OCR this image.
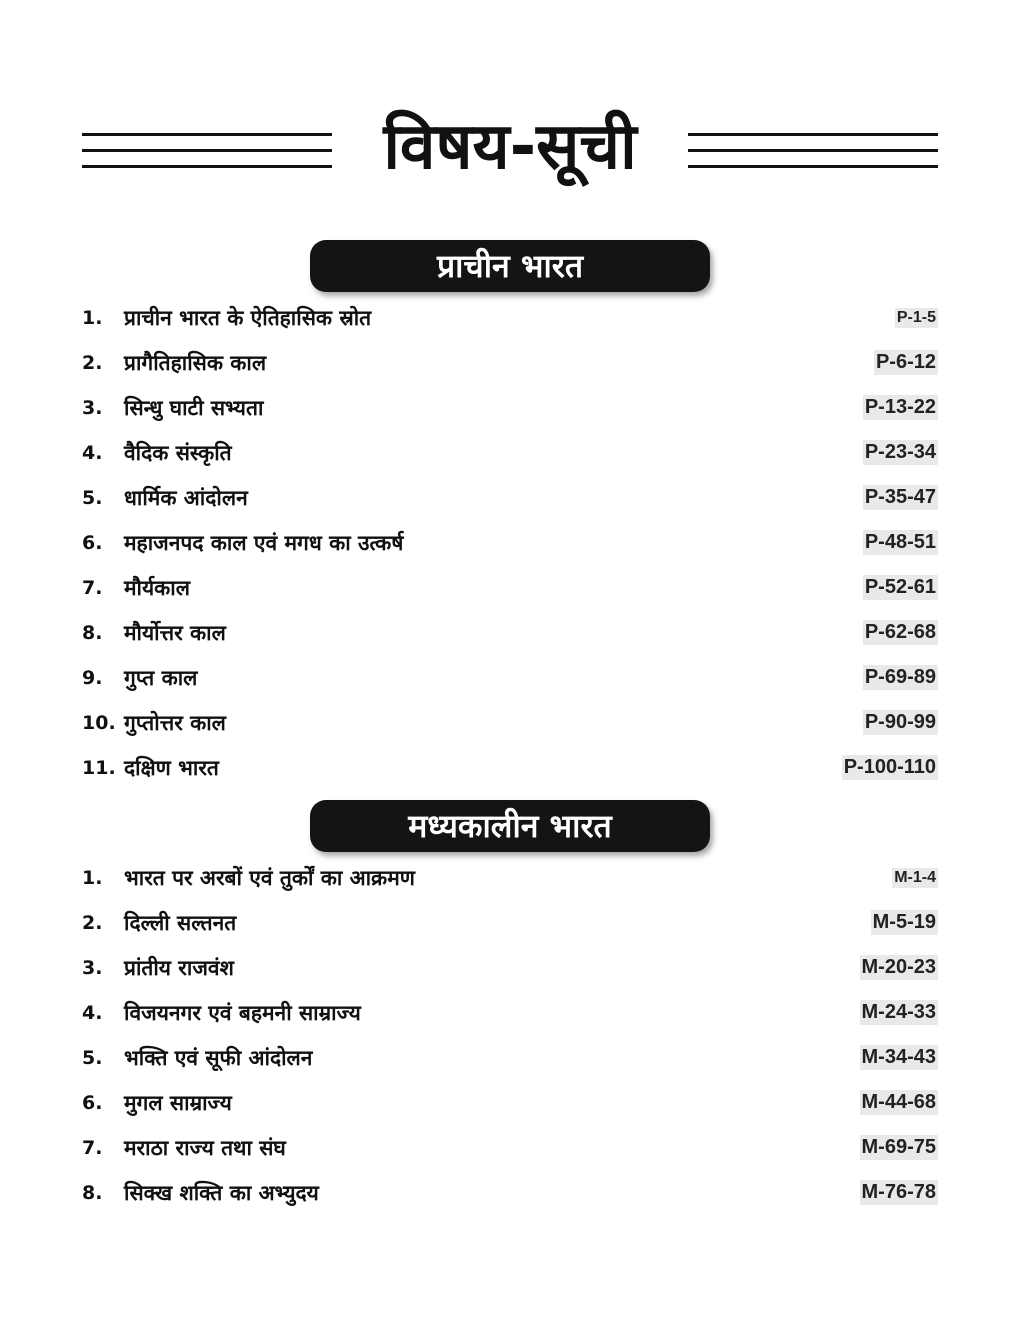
विषय-सूची
प्राचीन भारत
1.	प्राचीन भारत के ऐतिहासिक स्रोत	P-1-5
2.	प्रागैतिहासिक काल	P-6-12
3.	सिन्धु घाटी सभ्यता	P-13-22
4.	वैदिक संस्कृति	P-23-34
5.	धार्मिक आंदोलन	P-35-47
6.	महाजनपद काल एवं मगध का उत्कर्ष	P-48-51
7.	मौर्यकाल	P-52-61
8.	मौर्योत्तर काल	P-62-68
9.	गुप्त काल	P-69-89
10. गुप्तोत्तर काल	P-90-99
11. दक्षिण भारत	P-100-110
मध्यकालीन भारत
1.	भारत पर अरबों एवं तुर्कों का आक्रमण	M-1-4
2.	दिल्ली सल्तनत	M-5-19
3.	प्रांतीय राजवंश	M-20-23
4.	विजयनगर एवं बहमनी साम्राज्य	M-24-33
5.	भक्ति एवं सूफी आंदोलन	M-34-43
6.	मुगल साम्राज्य	M-44-68
7.	मराठा राज्य तथा संघ	M-69-75
8.	सिक्ख शक्ति का अभ्युदय	M-76-78
